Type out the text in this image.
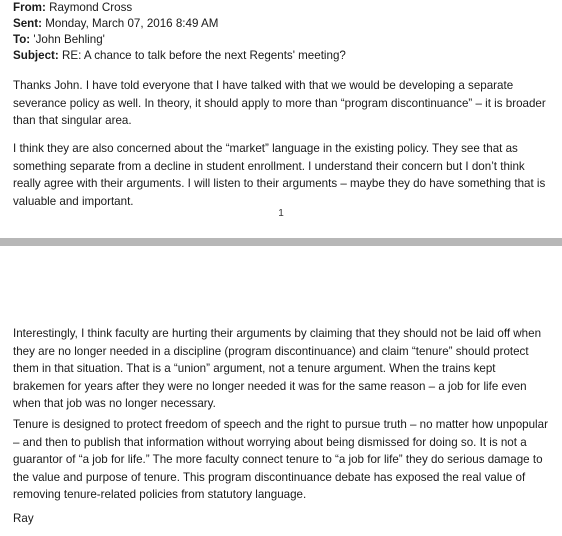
From: Raymond Cross
Sent: Monday, March 07, 2016 8:49 AM
To: 'John Behling'
Subject: RE: A chance to talk before the next Regents' meeting?

Thanks John. I have told everyone that I have talked with that we would be developing a separate severance policy as well. In theory, it should apply to more than “program discontinuance” – it is broader than that singular area.

I think they are also concerned about the “market” language in the existing policy. They see that as something separate from a decline in student enrollment. I understand their concern but I don’t think really agree with their arguments. I will listen to their arguments – maybe they do have something that is valuable and important.

1

Interestingly, I think faculty are hurting their arguments by claiming that they should not be laid off when they are no longer needed in a discipline (program discontinuance) and claim “tenure” should protect them in that situation. That is a “union” argument, not a tenure argument. When the trains kept brakemen for years after they were no longer needed it was for the same reason – a job for life even when that job was no longer necessary.

Tenure is designed to protect freedom of speech and the right to pursue truth – no matter how unpopular – and then to publish that information without worrying about being dismissed for doing so. It is not a guarantor of “a job for life.” The more faculty connect tenure to “a job for life” they do serious damage to the value and purpose of tenure. This program discontinuance debate has exposed the real value of removing tenure-related policies from statutory language.

Ray
